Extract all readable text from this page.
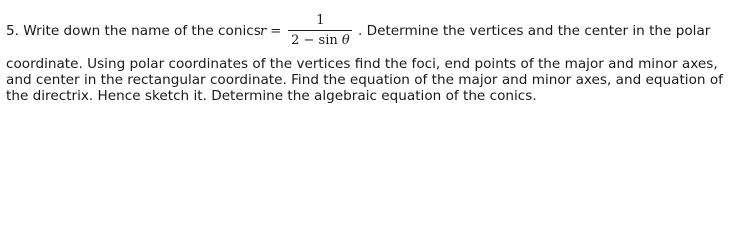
5. Write down the name of the conics $r = \frac{1}{\text{2 − sin θ}}$ . Determine the vertices and the center in the polar
coordinate. Using polar coordinates of the vertices find the foci, end points of the major and minor axes, and center in the rectangular coordinate. Find the equation of the major and minor axes, and equation of the directrix. Hence sketch it. Determine the algebraic equation of the conics.
